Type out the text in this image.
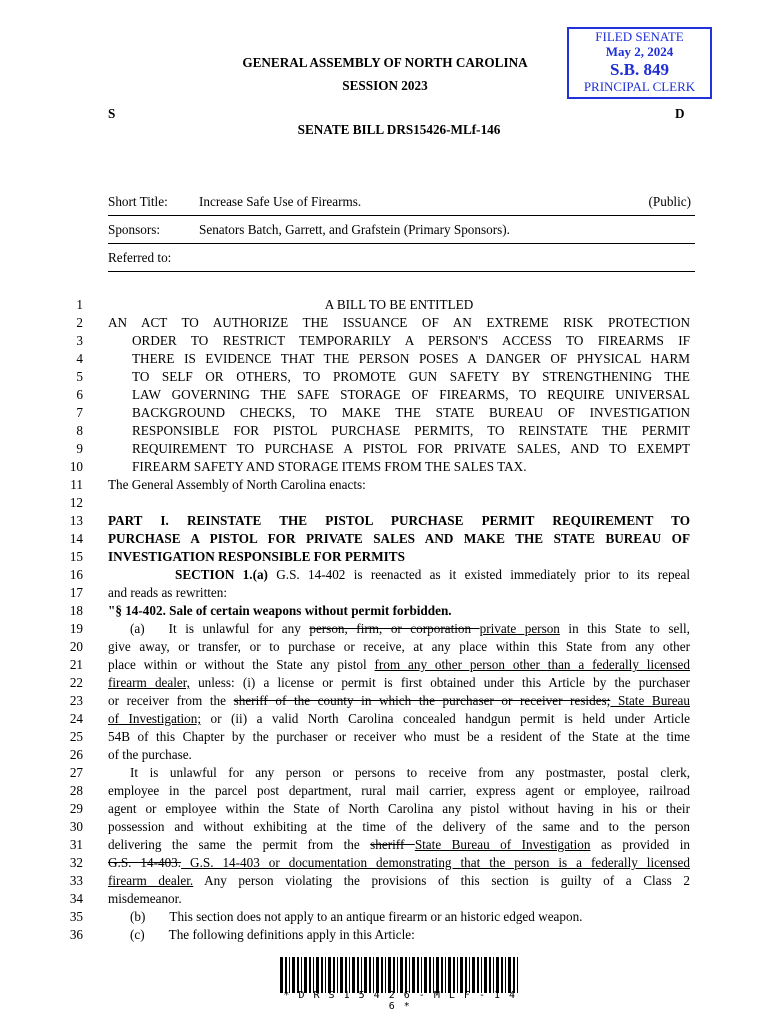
GENERAL ASSEMBLY OF NORTH CAROLINA
SESSION 2023
S	D
SENATE BILL DRS15426-MLf-146
FILED SENATE
May 2, 2024
S.B. 849
PRINCIPAL CLERK
Short Title: Increase Safe Use of Firearms.	(Public)
Sponsors:	Senators Batch, Garrett, and Grafstein (Primary Sponsors).
Referred to:
1	A BILL TO BE ENTITLED
2 AN ACT TO AUTHORIZE THE ISSUANCE OF AN EXTREME RISK PROTECTION
3	ORDER TO RESTRICT TEMPORARILY A PERSON'S ACCESS TO FIREARMS IF
4	THERE IS EVIDENCE THAT THE PERSON POSES A DANGER OF PHYSICAL HARM
5	TO SELF OR OTHERS, TO PROMOTE GUN SAFETY BY STRENGTHENING THE
6	LAW GOVERNING THE SAFE STORAGE OF FIREARMS, TO REQUIRE UNIVERSAL
7	BACKGROUND CHECKS, TO MAKE THE STATE BUREAU OF INVESTIGATION
8	RESPONSIBLE FOR PISTOL PURCHASE PERMITS, TO REINSTATE THE PERMIT
9	REQUIREMENT TO PURCHASE A PISTOL FOR PRIVATE SALES, AND TO EXEMPT
10	FIREARM SAFETY AND STORAGE ITEMS FROM THE SALES TAX.
11 The General Assembly of North Carolina enacts:
12
13 PART I. REINSTATE THE PISTOL PURCHASE PERMIT REQUIREMENT TO
14 PURCHASE A PISTOL FOR PRIVATE SALES AND MAKE THE STATE BUREAU OF
15 INVESTIGATION RESPONSIBLE FOR PERMITS
16	SECTION 1.(a) G.S. 14-402 is reenacted as it existed immediately prior to its repeal
17 and reads as rewritten:
18 "§ 14-402. Sale of certain weapons without permit forbidden.
19	(a) It is unlawful for any person, firm, or corporation private person in this State to sell,
20 give away, or transfer, or to purchase or receive, at any place within this State from any other
21 place within or without the State any pistol from any other person other than a federally licensed
22 firearm dealer, unless: (i) a license or permit is first obtained under this Article by the purchaser
23 or receiver from the sheriff of the county in which the purchaser or receiver resides; State Bureau
24 of Investigation; or (ii) a valid North Carolina concealed handgun permit is held under Article
25 54B of this Chapter by the purchaser or receiver who must be a resident of the State at the time
26 of the purchase.
27	It is unlawful for any person or persons to receive from any postmaster, postal clerk,
28 employee in the parcel post department, rural mail carrier, express agent or employee, railroad
29 agent or employee within the State of North Carolina any pistol without having in his or their
30 possession and without exhibiting at the time of the delivery of the same and to the person
31 delivering the same the permit from the sheriff State Bureau of Investigation as provided in
32 G.S. 14-403. G.S. 14-403 or documentation demonstrating that the person is a federally licensed
33 firearm dealer. Any person violating the provisions of this section is guilty of a Class 2
34 misdemeanor.
35	(b) This section does not apply to an antique firearm or an historic edged weapon.
36	(c) The following definitions apply in this Article:
* D R S 1 5 4 2 6 - M L F - 1 4 6 *
